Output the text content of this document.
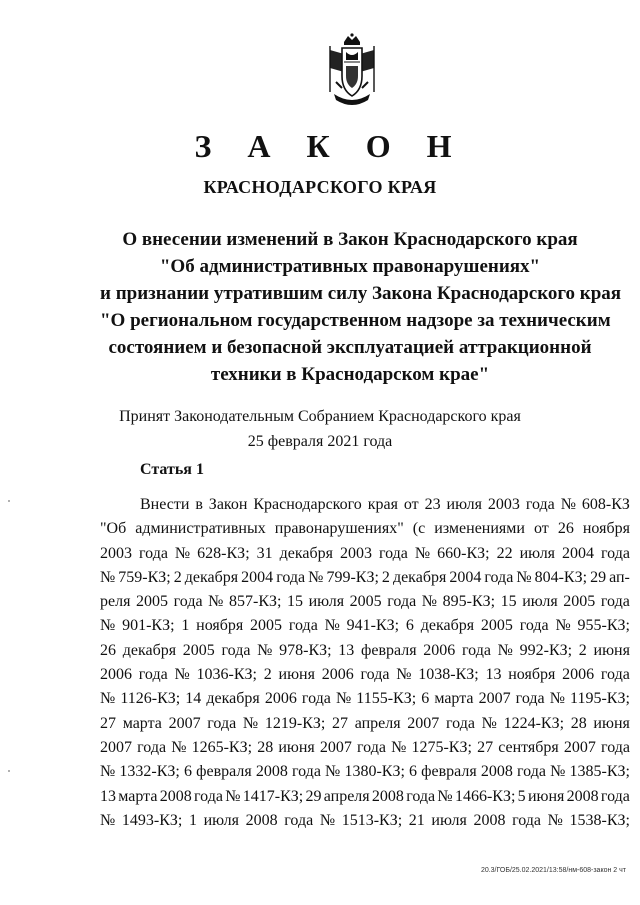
З А К О Н
КРАСНОДАРСКОГО КРАЯ
О внесении изменений в Закон Краснодарского края
"Об административных правонарушениях"
и признании утратившим силу Закона Краснодарского края
"О региональном государственном надзоре за техническим
состоянием и безопасной эксплуатацией аттракционной
техники в Краснодарском крае"
Принят Законодательным Собранием Краснодарского края
25 февраля 2021 года
Статья 1
Внести в Закон Краснодарского края от 23 июля 2003 года № 608-КЗ
"Об административных правонарушениях" (с изменениями от 26 ноября
2003 года № 628-КЗ; 31 декабря 2003 года № 660-КЗ; 22 июля 2004 года
№ 759-КЗ; 2 декабря 2004 года № 799-КЗ; 2 декабря 2004 года № 804-КЗ; 29 ап-
реля 2005 года № 857-КЗ; 15 июля 2005 года № 895-КЗ; 15 июля 2005 года
№ 901-КЗ; 1 ноября 2005 года № 941-КЗ; 6 декабря 2005 года № 955-КЗ;
26 декабря 2005 года № 978-КЗ; 13 февраля 2006 года № 992-КЗ; 2 июня
2006 года № 1036-КЗ; 2 июня 2006 года № 1038-КЗ; 13 ноября 2006 года
№ 1126-КЗ; 14 декабря 2006 года № 1155-КЗ; 6 марта 2007 года № 1195-КЗ;
27 марта 2007 года № 1219-КЗ; 27 апреля 2007 года № 1224-КЗ; 28 июня
2007 года № 1265-КЗ; 28 июня 2007 года № 1275-КЗ; 27 сентября 2007 года
№ 1332-КЗ; 6 февраля 2008 года № 1380-КЗ; 6 февраля 2008 года № 1385-КЗ;
13 марта 2008 года № 1417-КЗ; 29 апреля 2008 года № 1466-КЗ; 5 июня 2008 года
№ 1493-КЗ; 1 июля 2008 года № 1513-КЗ; 21 июля 2008 года № 1538-КЗ;
20.3/ГОБ/25.02.2021/13:58/нм-608-закон 2 чт
